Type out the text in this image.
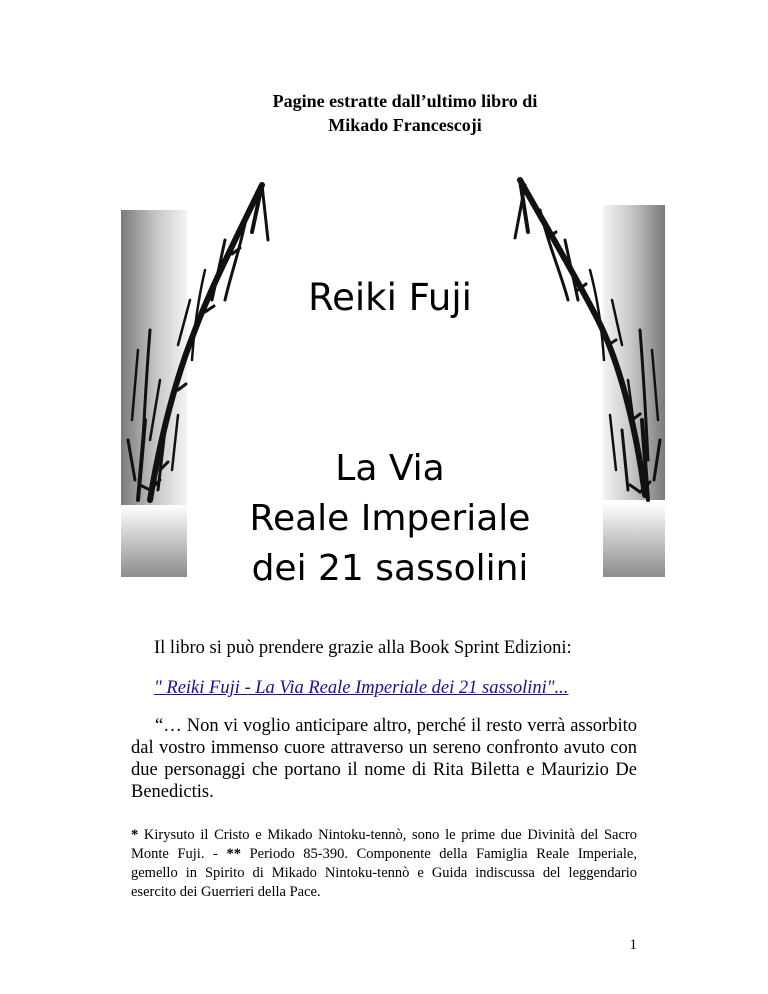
Pagine estratte dall’ultimo libro di
Mikado Francescoji
Reiki Fuji
La Via
Reale Imperiale
dei 21 sassolini
Il libro si può prendere grazie alla Book Sprint Edizioni:
" Reiki Fuji - La Via Reale Imperiale dei 21 sassolini"...
“… Non vi voglio anticipare altro, perché il resto verrà assorbito dal vostro immenso cuore attraverso un sereno confronto avuto con due personaggi che portano il nome di Rita Biletta e Maurizio De Benedictis.
* Kirysuto il Cristo e Mikado Nintoku-tennò, sono le prime due Divinità del Sacro Monte Fuji. - ** Periodo 85-390. Componente della Famiglia Reale Imperiale, gemello in Spirito di Mikado Nintoku-tennò e Guida indiscussa del leggendario esercito dei Guerrieri della Pace.
1
